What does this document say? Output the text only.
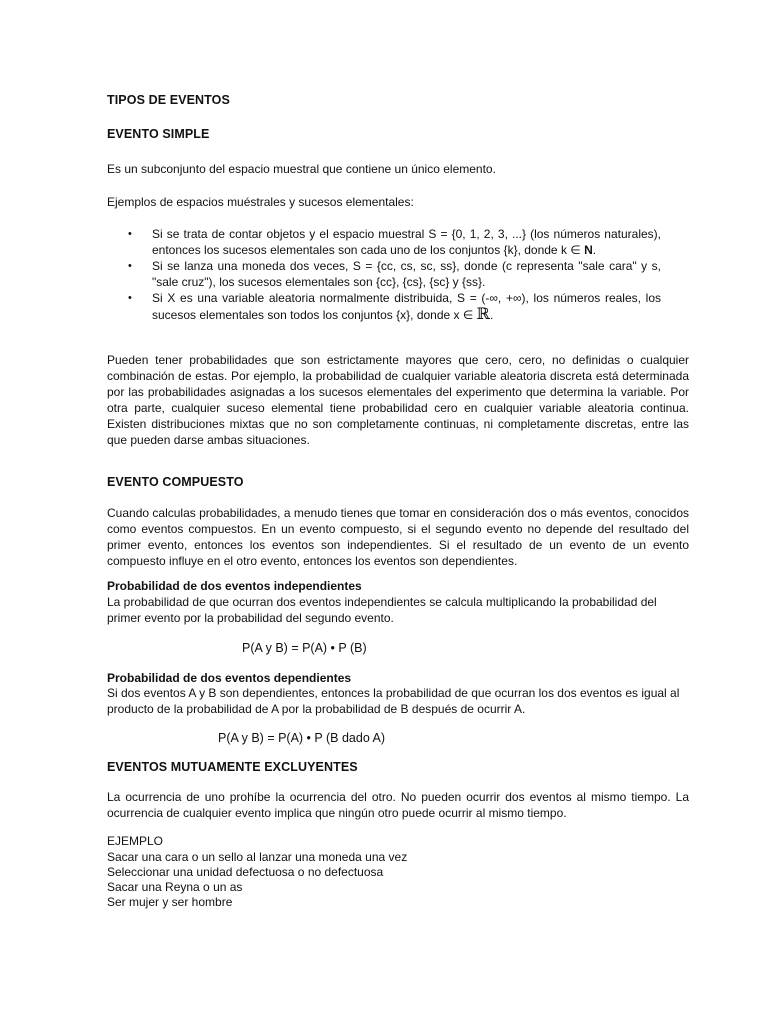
TIPOS DE EVENTOS
EVENTO SIMPLE

Es un subconjunto del espacio muestral que contiene un único elemento.

Ejemplos de espacios muéstrales y sucesos elementales:

• Si se trata de contar objetos y el espacio muestral S = {0, 1, 2, 3, ...} (los números naturales), entonces los sucesos elementales son cada uno de los conjuntos {k}, donde k ∈ N.
• Si se lanza una moneda dos veces, S = {cc, cs, sc, ss}, donde (c representa "sale cara" y s, "sale cruz"), los sucesos elementales son {cc}, {cs}, {sc} y {ss}.
• Si X es una variable aleatoria normalmente distribuida, S = (-∞, +∞), los números reales, los sucesos elementales son todos los conjuntos {x}, donde x ∈ ℝ.

Pueden tener probabilidades que son estrictamente mayores que cero, cero, no definidas o cualquier combinación de estas. Por ejemplo, la probabilidad de cualquier variable aleatoria discreta está determinada por las probabilidades asignadas a los sucesos elementales del experimento que determina la variable. Por otra parte, cualquier suceso elemental tiene probabilidad cero en cualquier variable aleatoria continua. Existen distribuciones mixtas que no son completamente continuas, ni completamente discretas, entre las que pueden darse ambas situaciones.

EVENTO COMPUESTO

Cuando calculas probabilidades, a menudo tienes que tomar en consideración dos o más eventos, conocidos como eventos compuestos. En un evento compuesto, si el segundo evento no depende del resultado del primer evento, entonces los eventos son independientes. Si el resultado de un evento de un evento compuesto influye en el otro evento, entonces los eventos son dependientes.

Probabilidad de dos eventos independientes

La probabilidad de que ocurran dos eventos independientes se calcula multiplicando la probabilidad del primer evento por la probabilidad del segundo evento.

P(A y B) = P(A) • P (B)
Probabilidad de dos eventos dependientes

Si dos eventos A y B son dependientes, entonces la probabilidad de que ocurran los dos eventos es igual al producto de la probabilidad de A por la probabilidad de B después de ocurrir A.

P(A y B) = P(A) • P (B dado A)
EVENTOS MUTUAMENTE EXCLUYENTES

La ocurrencia de uno prohíbe la ocurrencia del otro. No pueden ocurrir dos eventos al mismo tiempo. La ocurrencia de cualquier evento implica que ningún otro puede ocurrir al mismo tiempo.

EJEMPLO
Sacar una cara o un sello al lanzar una moneda una vez
Seleccionar una unidad defectuosa o no defectuosa
Sacar una Reyna o un as
Ser mujer y ser hombre
